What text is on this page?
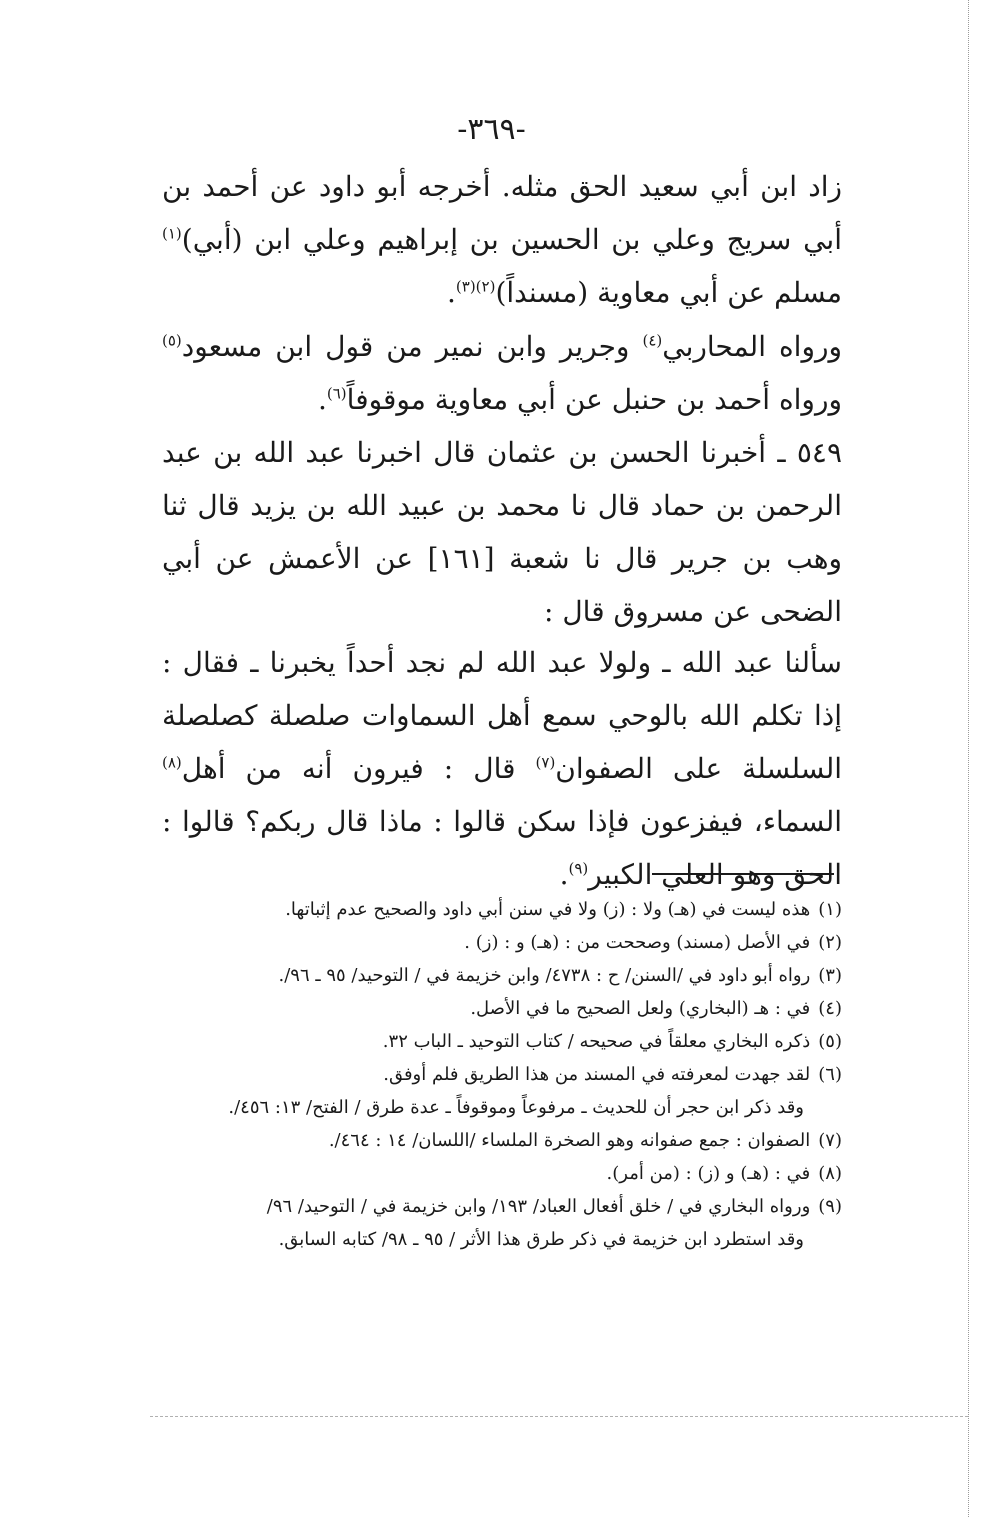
-٣٦٩-

زاد ابن أبي سعيد الحق مثله. أخرجه أبو داود عن أحمد بن أبي سريج وعلي بن الحسين بن إبراهيم وعلي ابن (أبي)$^{(١)}$ مسلم عن أبي معاوية (مسنداً)$^{(٢)(٣)}$.

ورواه المحاربي$^{(٤)}$ وجرير وابن نمير من قول ابن مسعود$^{(٥)}$ ورواه أحمد بن حنبل عن أبي معاوية موقوفاً$^{(٦)}$.

٥٤٩ ـ أخبرنا الحسن بن عثمان قال اخبرنا عبد الله بن عبد الرحمن بن حماد قال نا محمد بن عبيد الله بن يزيد قال ثنا وهب بن جرير قال نا شعبة [١٦١] عن الأعمش عن أبي الضحى عن مسروق قال :

سألنا عبد الله ـ ولولا عبد الله لم نجد أحداً يخبرنا ـ فقال : إذا تكلم الله بالوحي سمع أهل السماوات صلصلة كصلصلة السلسلة على الصفوان$^{(٧)}$ قال : فيرون أنه من أهل$^{(٨)}$ السماء، فيفزعون فإذا سكن قالوا : ماذا قال ربكم؟ قالوا : الحق وهو العلي الكبير$^{(٩)}$.

(١)هذه ليست في (هـ) ولا : (ز) ولا في سنن أبي داود والصحيح عدم إثباتها.

(٢)في الأصل (مسند) وصححت من : (هـ) و : (ز) .

(٣)رواه أبو داود في /السنن/ ح : ٤٧٣٨/ وابن خزيمة في / التوحيد/ ٩٥ ـ ٩٦/.

(٤)في : هـ (البخاري) ولعل الصحيح ما في الأصل.

(٥)ذكره البخاري معلقاً في صحيحه / كتاب التوحيد ـ الباب ٣٢.

(٦)لقد جهدت لمعرفته في المسند من هذا الطريق فلم أوفق.

وقد ذكر ابن حجر أن للحديث ـ مرفوعاً وموقوفاً ـ عدة طرق / الفتح/ ١٣: ٤٥٦/.

(٧)الصفوان : جمع صفوانه وهو الصخرة الملساء /اللسان/ ١٤ : ٤٦٤/.

(٨)في : (هـ) و (ز) : (من أمر).

(٩)ورواه البخاري في / خلق أفعال العباد/ ١٩٣/ وابن خزيمة في / التوحيد/ ٩٦/

وقد استطرد ابن خزيمة في ذكر طرق هذا الأثر / ٩٥ ـ ٩٨/ كتابه السابق.
